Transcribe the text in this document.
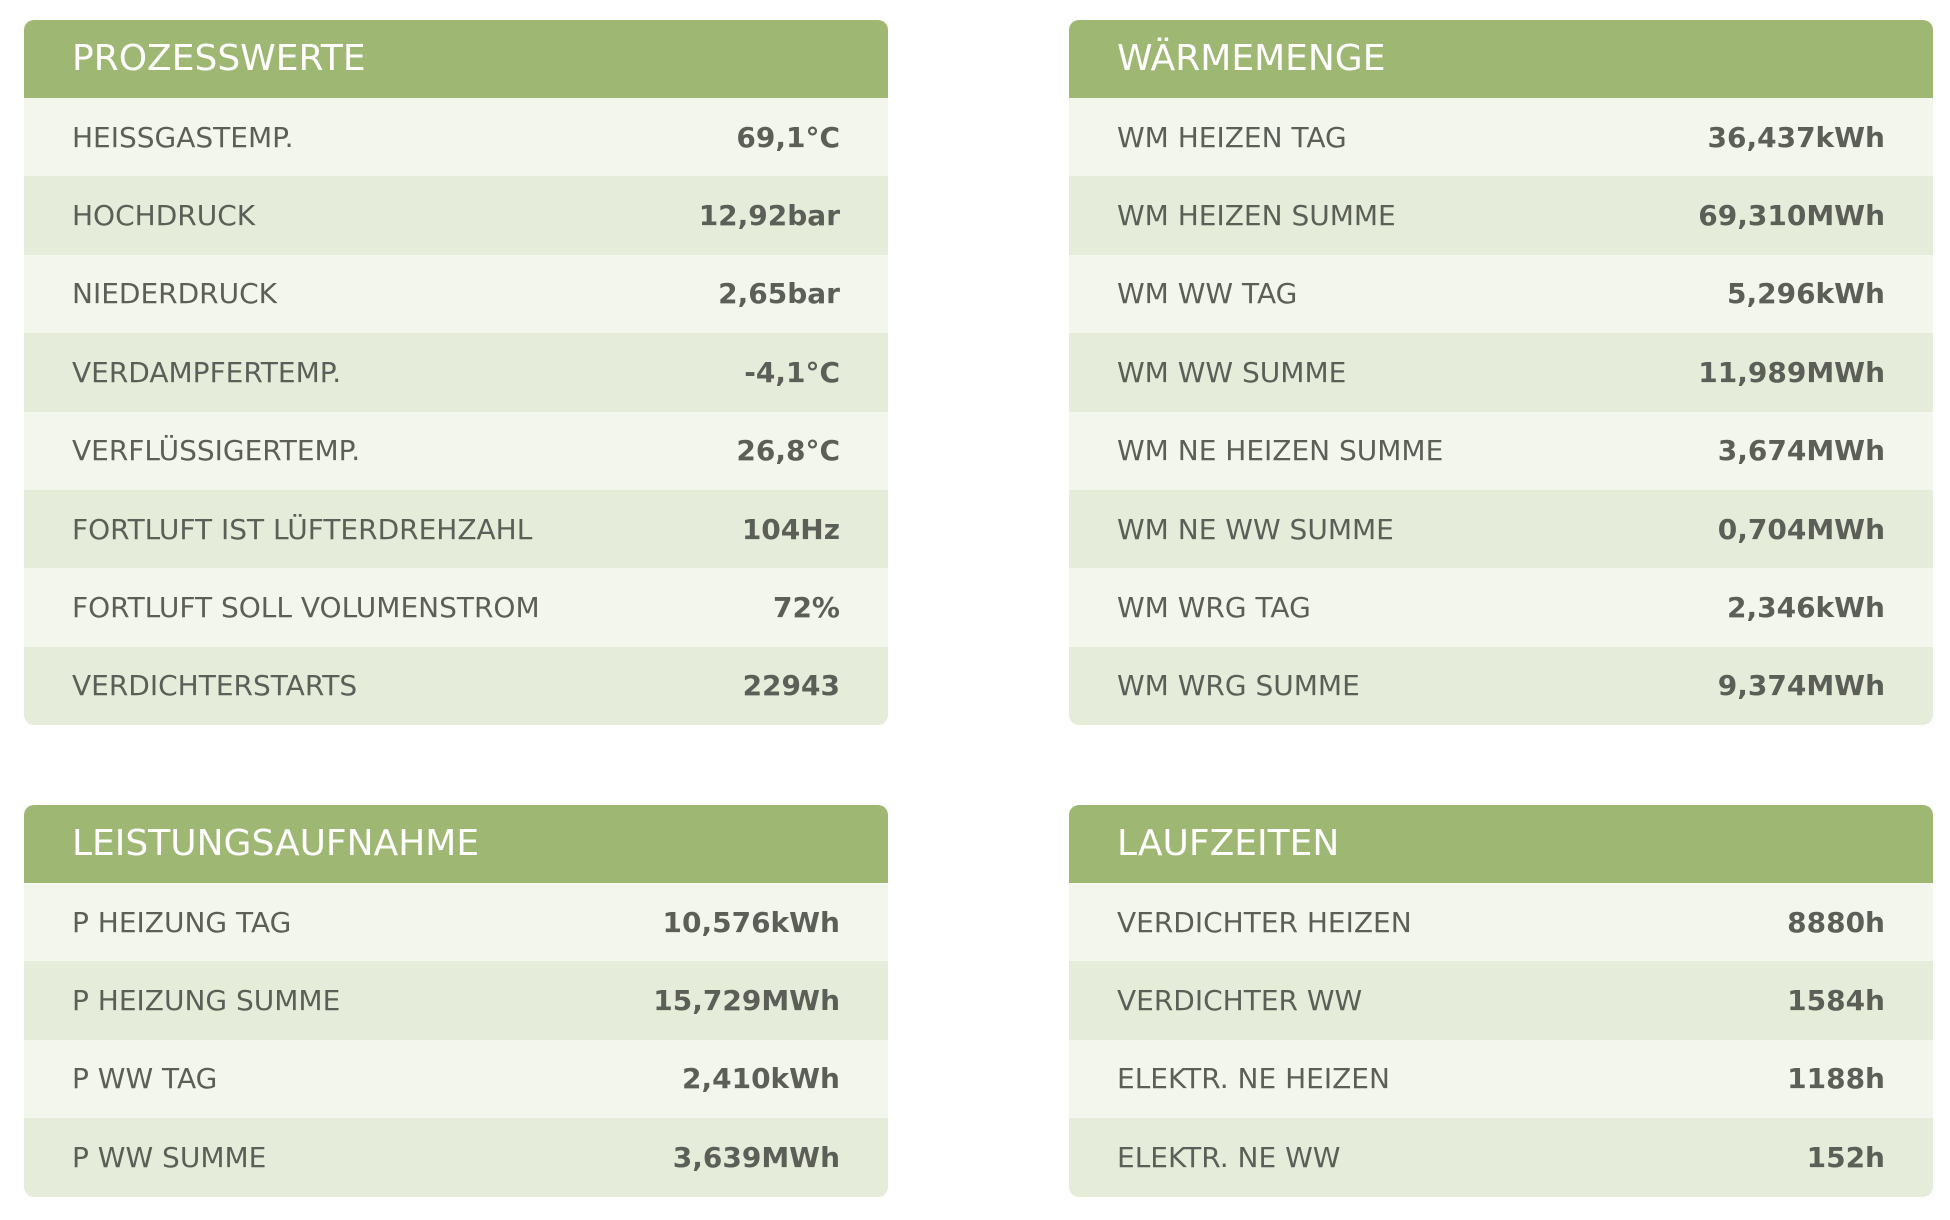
PROZESSWERTE
HEISSGASTEMP.	69,1°C
HOCHDRUCK	12,92bar
NIEDERDRUCK	2,65bar
VERDAMPFERTEMP.	-4,1°C
VERFLÜSSIGERTEMP.	26,8°C
FORTLUFT IST LÜFTERDREHZAHL	104Hz
FORTLUFT SOLL VOLUMENSTROM	72%
VERDICHTERSTARTS	22943
WÄRMEMENGE
WM HEIZEN TAG	36,437kWh
WM HEIZEN SUMME	69,310MWh
WM WW TAG	5,296kWh
WM WW SUMME	11,989MWh
WM NE HEIZEN SUMME	3,674MWh
WM NE WW SUMME	0,704MWh
WM WRG TAG	2,346kWh
WM WRG SUMME	9,374MWh
LEISTUNGSAUFNAHME
P HEIZUNG TAG	10,576kWh
P HEIZUNG SUMME	15,729MWh
P WW TAG	2,410kWh
P WW SUMME	3,639MWh
LAUFZEITEN
VERDICHTER HEIZEN	8880h
VERDICHTER WW	1584h
ELEKTR. NE HEIZEN	1188h
ELEKTR. NE WW	152h
